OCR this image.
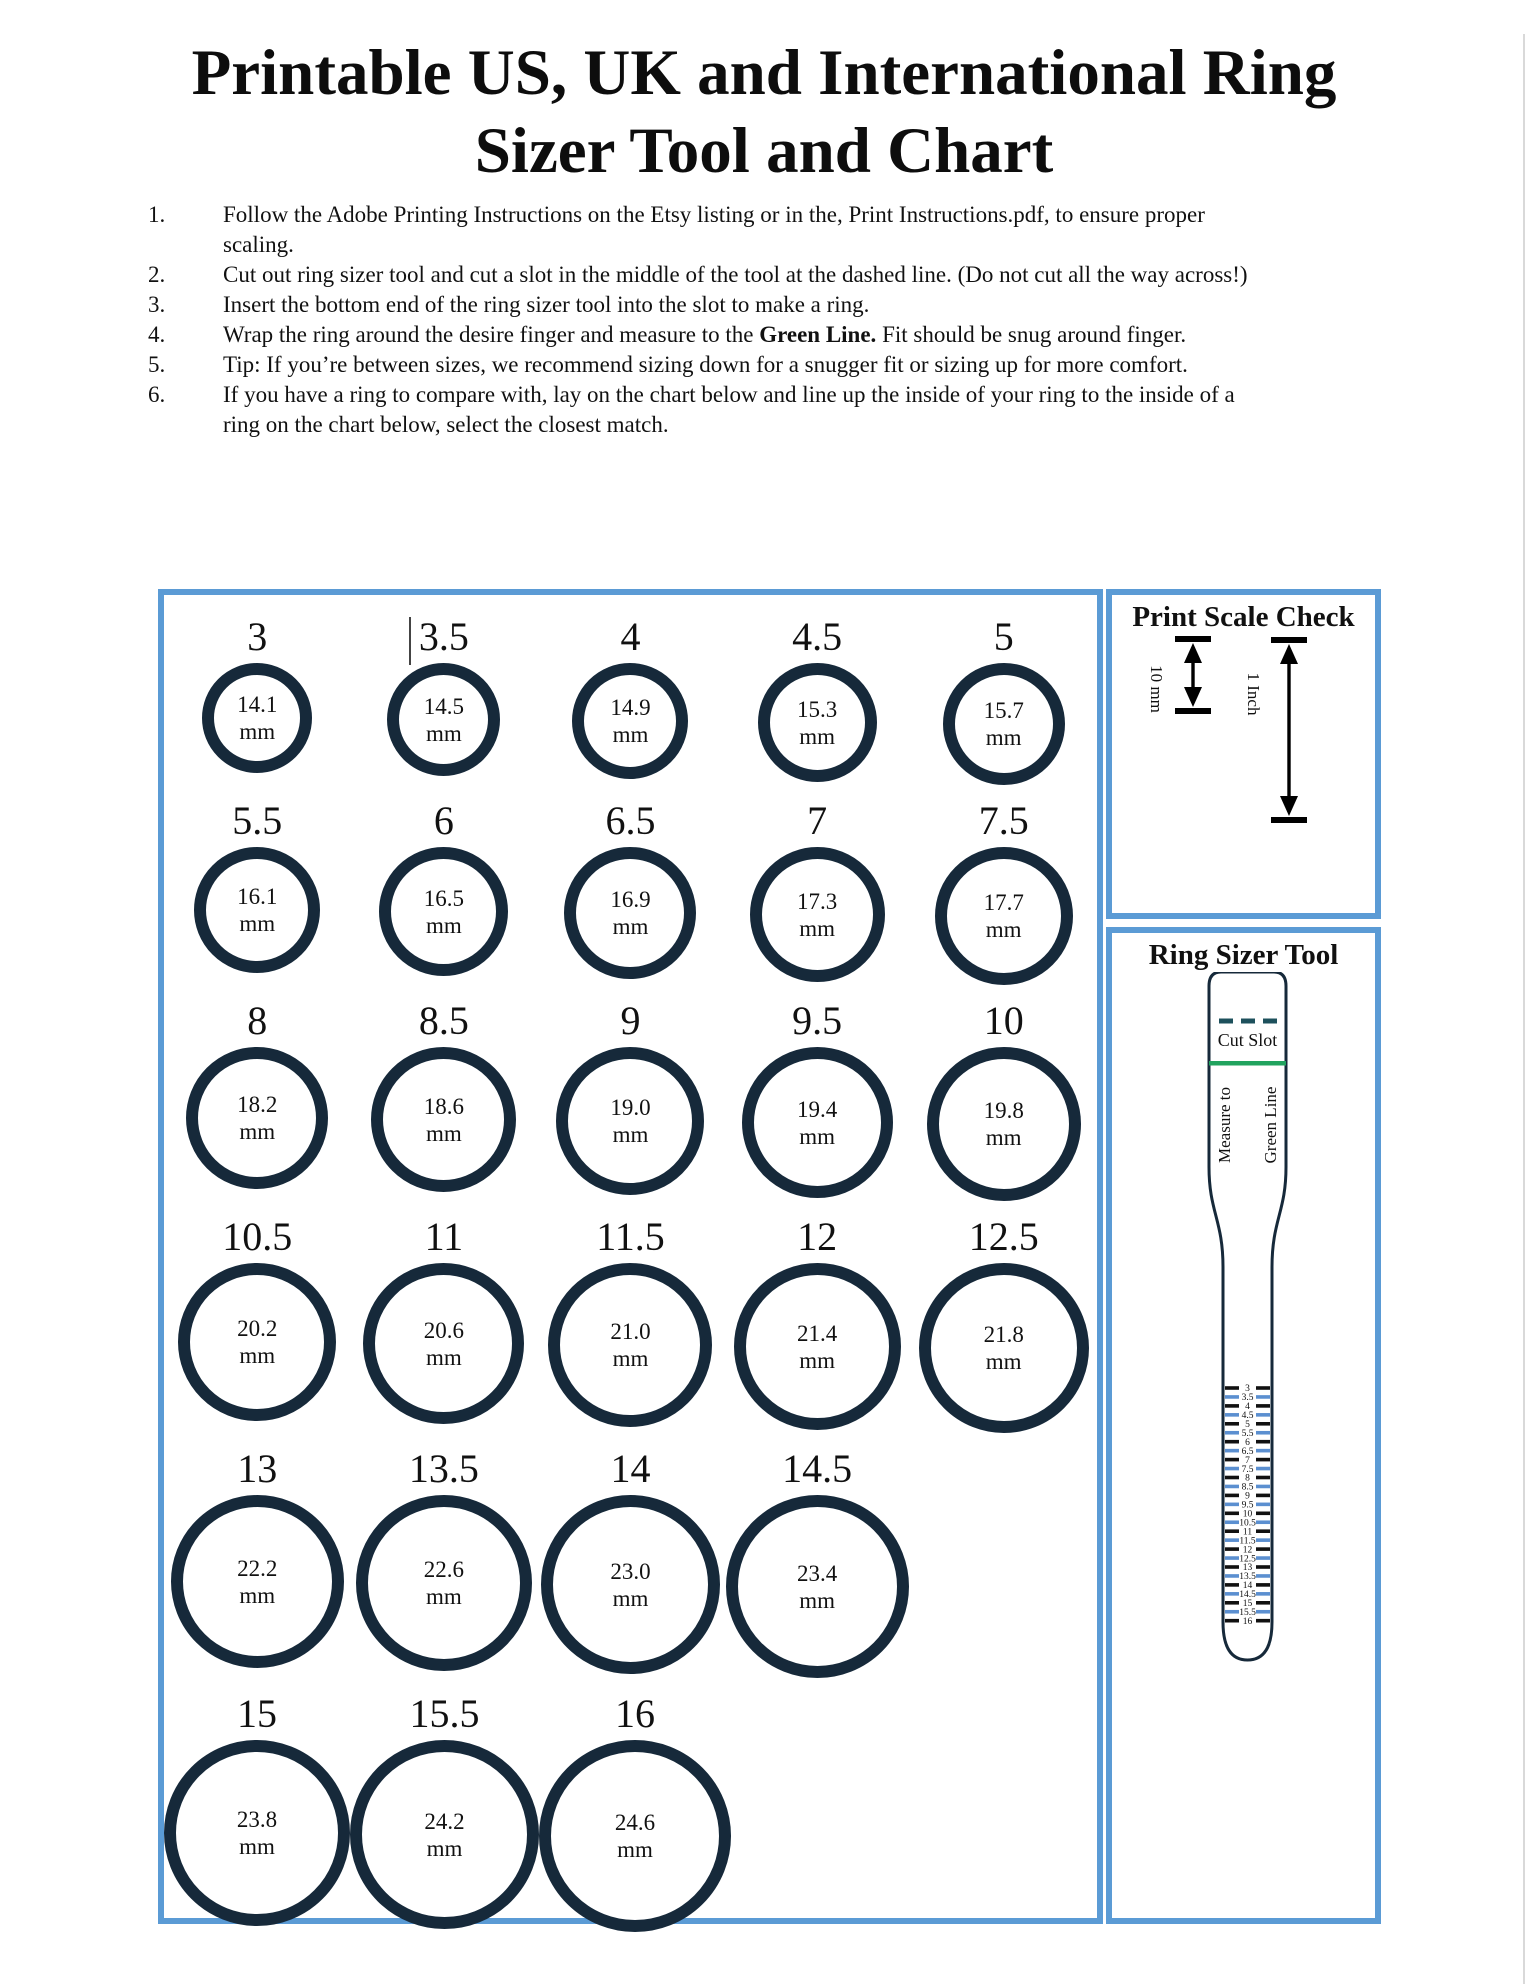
Printable US, UK and International Ring
Sizer Tool and Chart
1.	Follow the Adobe Printing Instructions on the Etsy listing or in the, Print Instructions.pdf, to ensure proper scaling.
2.	Cut out ring sizer tool and cut a slot in the middle of the tool at the dashed line. (Do not cut all the way across!)
3.	Insert the bottom end of the ring sizer tool into the slot to make a ring.
4.	Wrap the ring around the desire finger and measure to the Green Line. Fit should be snug around finger.
5.	Tip: If you’re between sizes, we recommend sizing down for a snugger fit or sizing up for more comfort.
6.	If you have a ring to compare with, lay on the chart below and line up the inside of your ring to the inside of a ring on the chart below, select the closest match.
3
14.1
mm
3.5
14.5
mm
4
14.9
mm
4.5
15.3
mm
5
15.7
mm
5.5
16.1
mm
6
16.5
mm
6.5
16.9
mm
7
17.3
mm
7.5
17.7
mm
8
18.2
mm
8.5
18.6
mm
9
19.0
mm
9.5
19.4
mm
10
19.8
mm
10.5
20.2
mm
11
20.6
mm
11.5
21.0
mm
12
21.4
mm
12.5
21.8
mm
13
22.2
mm
13.5
22.6
mm
14
23.0
mm
14.5
23.4
mm
15
23.8
mm
15.5
24.2
mm
16
24.6
mm
Print Scale Check
10 mm	1 Inch
Ring Sizer Tool
3
3.5
4
4.5
5
5.5
6
6.5
7
7.5
8
8.5
9
9.5
10
10.5
11
11.5
12
12.5
13
13.5
14
14.5
15
15.5
16
Cut Slot
Measure to Green Line
